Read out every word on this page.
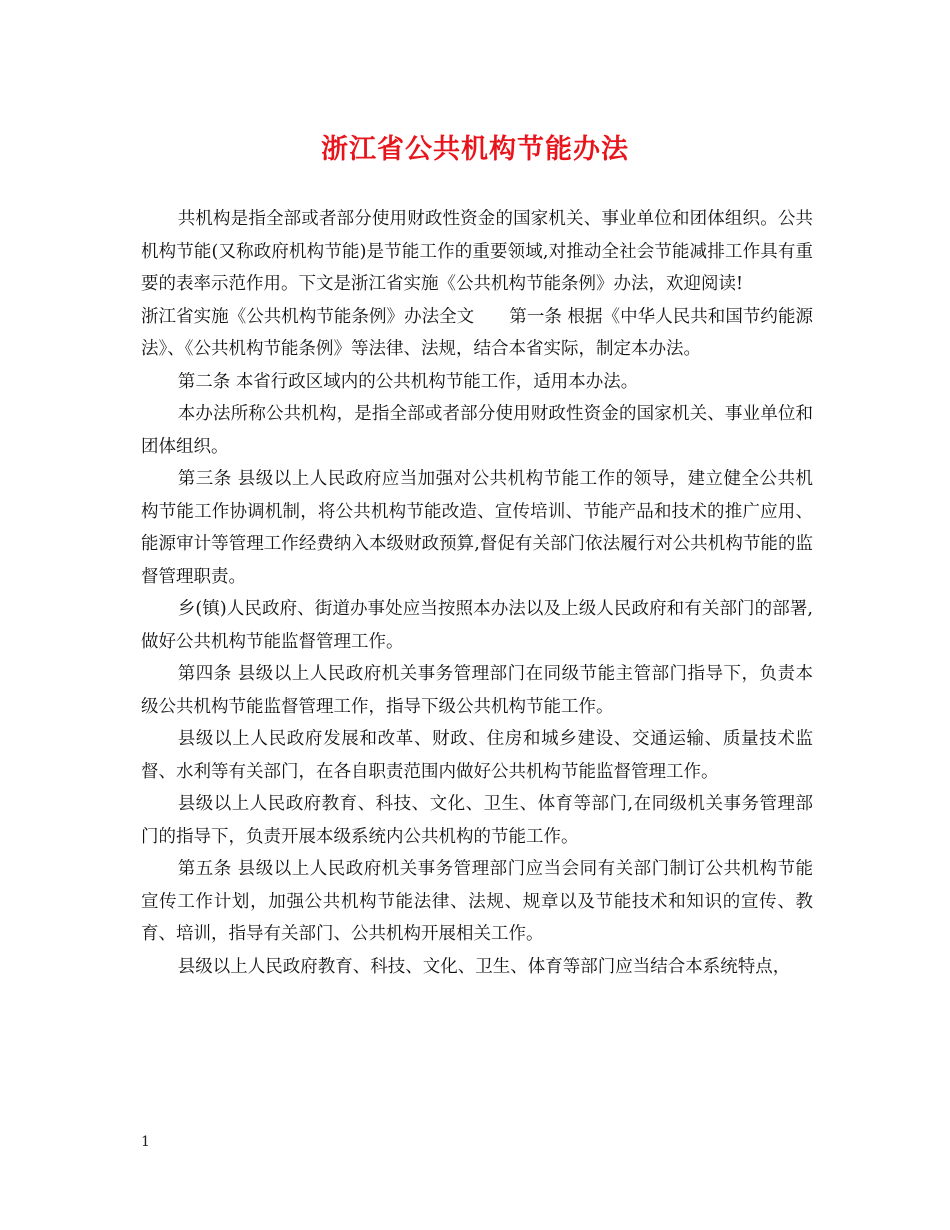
浙江省公共机构节能办法

共机构是指全部或者部分使用财政性资金的国家机关、事业单位和团体组织。公共机构节能(又称政府机构节能)是节能工作的重要领域,对推动全社会节能减排工作具有重要的表率示范作用。下文是浙江省实施《公共机构节能条例》办法，欢迎阅读!

浙江省实施《公共机构节能条例》办法全文　　第一条 根据《中华人民共和国节约能源法》、《公共机构节能条例》等法律、法规，结合本省实际，制定本办法。

第二条 本省行政区域内的公共机构节能工作，适用本办法。

本办法所称公共机构，是指全部或者部分使用财政性资金的国家机关、事业单位和团体组织。

第三条 县级以上人民政府应当加强对公共机构节能工作的领导，建立健全公共机构节能工作协调机制，将公共机构节能改造、宣传培训、节能产品和技术的推广应用、能源审计等管理工作经费纳入本级财政预算,督促有关部门依法履行对公共机构节能的监督管理职责。

乡(镇)人民政府、街道办事处应当按照本办法以及上级人民政府和有关部门的部署,做好公共机构节能监督管理工作。

第四条 县级以上人民政府机关事务管理部门在同级节能主管部门指导下，负责本级公共机构节能监督管理工作，指导下级公共机构节能工作。

县级以上人民政府发展和改革、财政、住房和城乡建设、交通运输、质量技术监督、水利等有关部门，在各自职责范围内做好公共机构节能监督管理工作。

县级以上人民政府教育、科技、文化、卫生、体育等部门,在同级机关事务管理部门的指导下，负责开展本级系统内公共机构的节能工作。

第五条 县级以上人民政府机关事务管理部门应当会同有关部门制订公共机构节能宣传工作计划，加强公共机构节能法律、法规、规章以及节能技术和知识的宣传、教育、培训，指导有关部门、公共机构开展相关工作。

县级以上人民政府教育、科技、文化、卫生、体育等部门应当结合本系统特点，

1
